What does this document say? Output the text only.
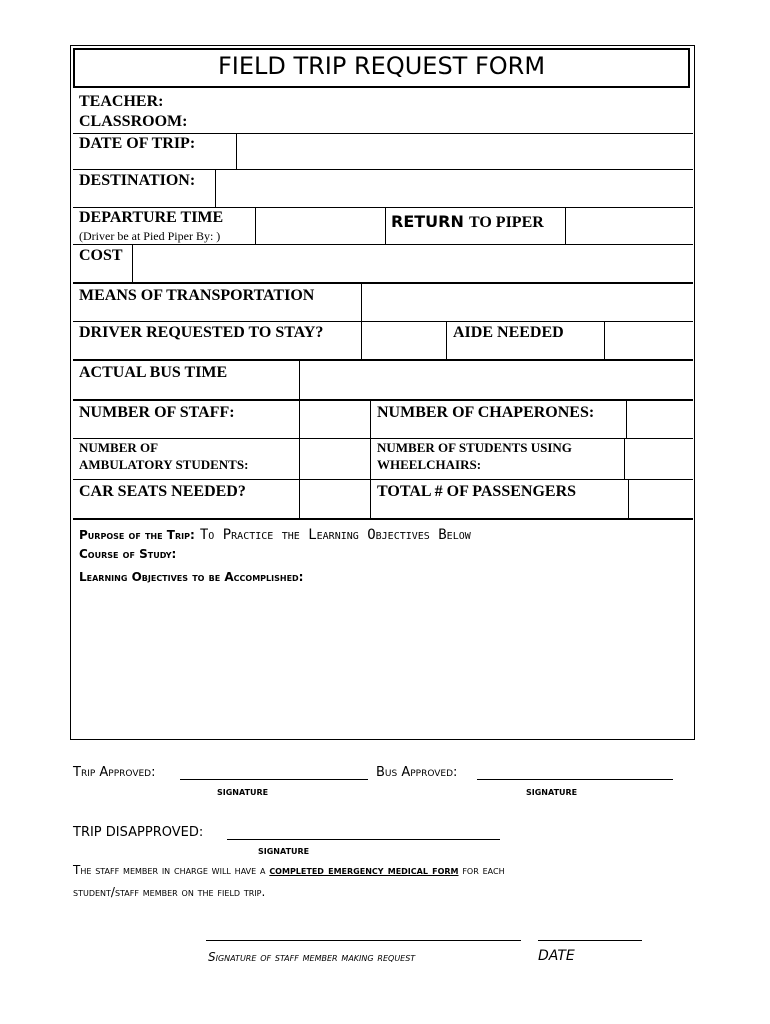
FIELD TRIP REQUEST FORM
TEACHER:
CLASSROOM:
DATE OF TRIP:
DESTINATION:
DEPARTURE TIME
(Driver be at Pied Piper By: )
RETURN TO PIPER
COST
MEANS OF TRANSPORTATION
DRIVER REQUESTED TO STAY?	AIDE NEEDED
ACTUAL BUS TIME
NUMBER OF STAFF:	NUMBER OF CHAPERONES:
NUMBER OF
AMBULATORY STUDENTS:
NUMBER OF STUDENTS USING
WHEELCHAIRS:
CAR SEATS NEEDED?	TOTAL # OF PASSENGERS
Purpose of the Trip: To Practice the Learning Objectives Below
Course of Study:
Learning Objectives to be Accomplished:
Trip Approved:
SIGNATURE
Bus Approved:
SIGNATURE
TRIP DISAPPROVED:
SIGNATURE
The staff member in charge will have a completed emergency medical form for each
student/staff member on the field trip.
Signature of staff member making request	DATE
